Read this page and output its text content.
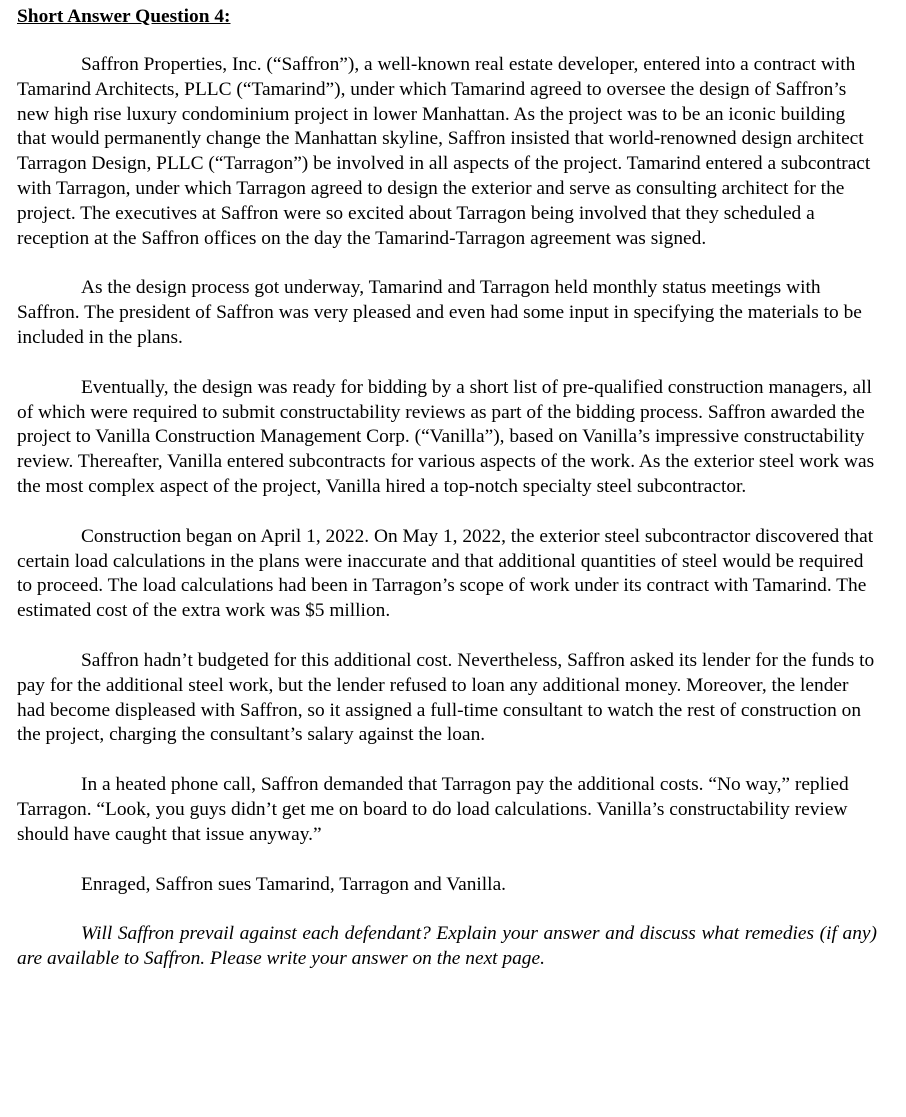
Short Answer Question 4:

Saffron Properties, Inc. (“Saffron”), a well-known real estate developer, entered into a contract with Tamarind Architects, PLLC (“Tamarind”), under which Tamarind agreed to oversee the design of Saffron’s new high rise luxury condominium project in lower Manhattan. As the project was to be an iconic building that would permanently change the Manhattan skyline, Saffron insisted that world-renowned design architect Tarragon Design, PLLC (“Tarragon”) be involved in all aspects of the project. Tamarind entered a subcontract with Tarragon, under which Tarragon agreed to design the exterior and serve as consulting architect for the project. The executives at Saffron were so excited about Tarragon being involved that they scheduled a reception at the Saffron offices on the day the Tamarind-Tarragon agreement was signed.

As the design process got underway, Tamarind and Tarragon held monthly status meetings with Saffron. The president of Saffron was very pleased and even had some input in specifying the materials to be included in the plans.

Eventually, the design was ready for bidding by a short list of pre-qualified construction managers, all of which were required to submit constructability reviews as part of the bidding process. Saffron awarded the project to Vanilla Construction Management Corp. (“Vanilla”), based on Vanilla’s impressive constructability review. Thereafter, Vanilla entered subcontracts for various aspects of the work. As the exterior steel work was the most complex aspect of the project, Vanilla hired a top-notch specialty steel subcontractor.

Construction began on April 1, 2022. On May 1, 2022, the exterior steel subcontractor discovered that certain load calculations in the plans were inaccurate and that additional quantities of steel would be required to proceed. The load calculations had been in Tarragon’s scope of work under its contract with Tamarind. The estimated cost of the extra work was $5 million.

Saffron hadn’t budgeted for this additional cost. Nevertheless, Saffron asked its lender for the funds to pay for the additional steel work, but the lender refused to loan any additional money. Moreover, the lender had become displeased with Saffron, so it assigned a full-time consultant to watch the rest of construction on the project, charging the consultant’s salary against the loan.

In a heated phone call, Saffron demanded that Tarragon pay the additional costs. “No way,” replied Tarragon. “Look, you guys didn’t get me on board to do load calculations. Vanilla’s constructability review should have caught that issue anyway.”

Enraged, Saffron sues Tamarind, Tarragon and Vanilla.

Will Saffron prevail against each defendant? Explain your answer and discuss what remedies (if any) are available to Saffron. Please write your answer on the next page.
